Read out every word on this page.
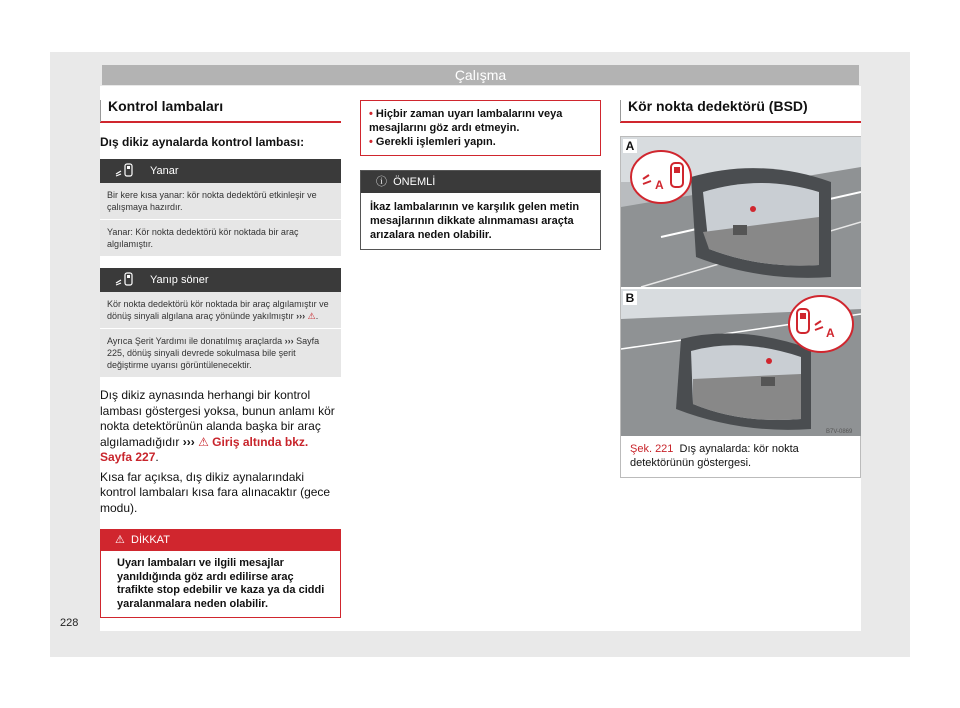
Çalışma
Kontrol lambaları
Dış dikiz aynalarda kontrol lambası:
Yanar
Bir kere kısa yanar: kör nokta dedektörü etkinleşir ve çalışmaya hazırdır.
Yanar: Kör nokta dedektörü kör noktada bir araç algılamıştır.
Yanıp söner
Kör nokta dedektörü kör noktada bir araç algılamıştır ve dönüş sinyali algılana araç yönünde yakılmıştır ››› ⚠.
Ayrıca Şerit Yardımı ile donatılmış araçlarda ››› Sayfa 225, dönüş sinyali devrede sokulmasa bile şerit değiştirme uyarısı görüntülenecektir.
Dış dikiz aynasında herhangi bir kontrol lambası göstergesi yoksa, bunun anlamı kör nokta detektörünün alanda başka bir araç algılamadığıdır ››› ⚠ Giriş altında bkz. Sayfa 227.
Kısa far açıksa, dış dikiz aynalarındaki kontrol lambaları kısa fara alınacaktır (gece modu).
⚠ DİKKAT
Uyarı lambaları ve ilgili mesajlar yanıldığında göz ardı edilirse araç trafikte stop edebilir ve kaza ya da ciddi yaralanmalara neden olabilir.
• Hiçbir zaman uyarı lambalarını veya mesajlarını göz ardı etmeyin.
• Gerekli işlemleri yapın.
ⓘ ÖNEMLİ
İkaz lambalarının ve karşılık gelen metin mesajlarının dikkate alınmaması araçta arızalara neden olabilir.
Kör nokta dedektörü (BSD)
A
A
A
B7V-0869
B
Şek. 221 Dış aynalarda: kör nokta detektörünün göstergesi.
228
